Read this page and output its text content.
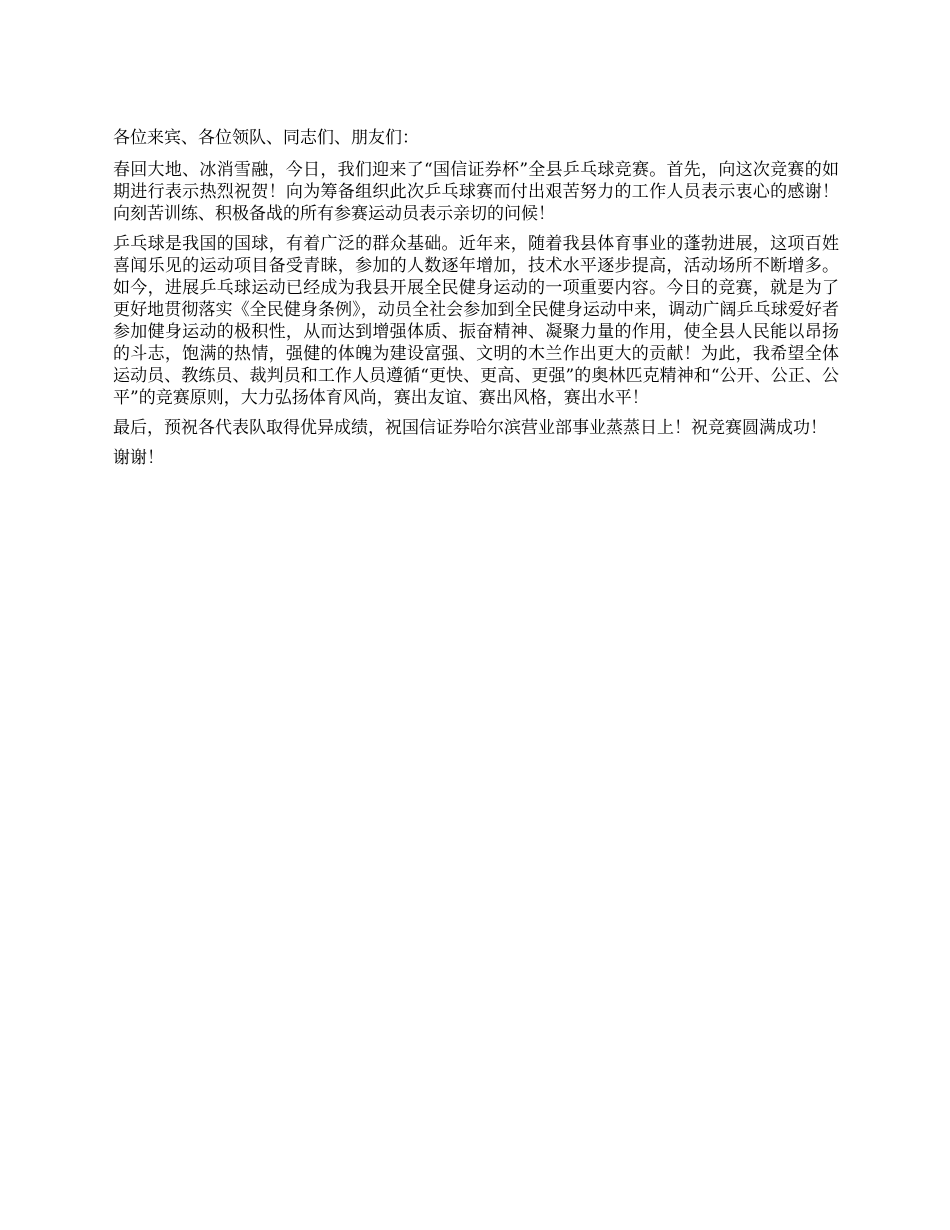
各位来宾、各位领队、同志们、朋友们：

春回大地、冰消雪融，今日，我们迎来了“国信证券杯”全县乒乓球竞赛。首先，向这次竞赛的如期进行表示热烈祝贺！向为筹备组织此次乒乓球赛而付出艰苦努力的工作人员表示衷心的感谢！向刻苦训练、积极备战的所有参赛运动员表示亲切的问候！

乒乓球是我国的国球，有着广泛的群众基础。近年来，随着我县体育事业的蓬勃进展，这项百姓喜闻乐见的运动项目备受青睐，参加的人数逐年增加，技术水平逐步提高，活动场所不断增多。如今，进展乒乓球运动已经成为我县开展全民健身运动的一项重要内容。今日的竞赛，就是为了更好地贯彻落实《全民健身条例》，动员全社会参加到全民健身运动中来，调动广阔乒乓球爱好者参加健身运动的极积性，从而达到增强体质、振奋精神、凝聚力量的作用，使全县人民能以昂扬的斗志，饱满的热情，强健的体魄为建设富强、文明的木兰作出更大的贡献！为此，我希望全体运动员、教练员、裁判员和工作人员遵循“更快、更高、更强”的奥林匹克精神和“公开、公正、公平”的竞赛原则，大力弘扬体育风尚，赛出友谊、赛出风格，赛出水平！

最后，预祝各代表队取得优异成绩，祝国信证券哈尔滨营业部事业蒸蒸日上！祝竞赛圆满成功！

谢谢！
